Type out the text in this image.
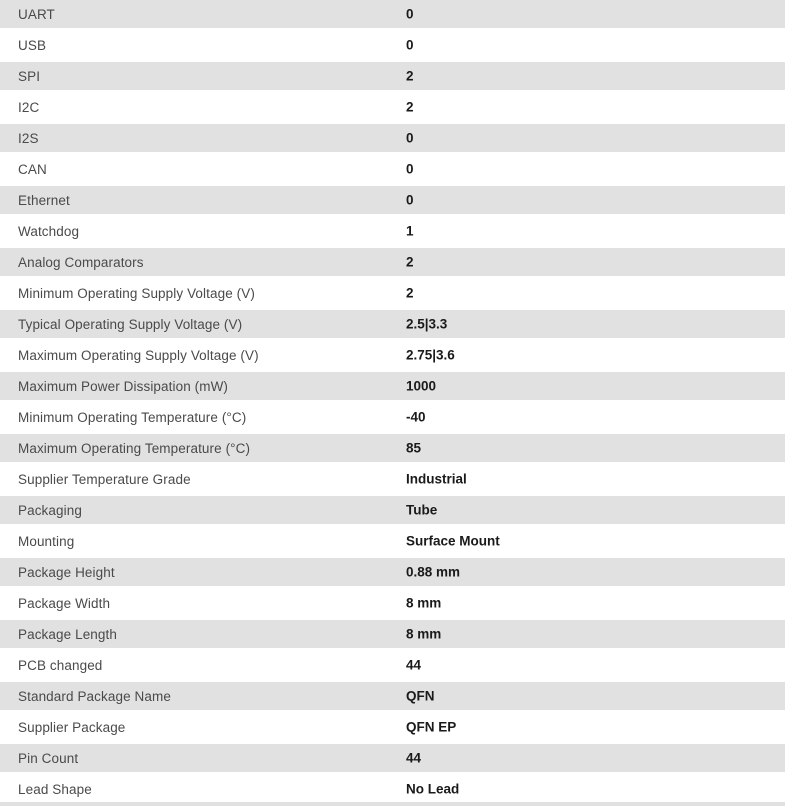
UART	0
USB	0
SPI	2
I2C	2
I2S	0
CAN	0
Ethernet	0
Watchdog	1
Analog Comparators	2
Minimum Operating Supply Voltage (V)	2
Typical Operating Supply Voltage (V)	2.5|3.3
Maximum Operating Supply Voltage (V)	2.75|3.6
Maximum Power Dissipation (mW)	1000
Minimum Operating Temperature (°C)	-40
Maximum Operating Temperature (°C)	85
Supplier Temperature Grade	Industrial
Packaging	Tube
Mounting	Surface Mount
Package Height	0.88 mm
Package Width	8 mm
Package Length	8 mm
PCB changed	44
Standard Package Name	QFN
Supplier Package	QFN EP
Pin Count	44
Lead Shape	No Lead
